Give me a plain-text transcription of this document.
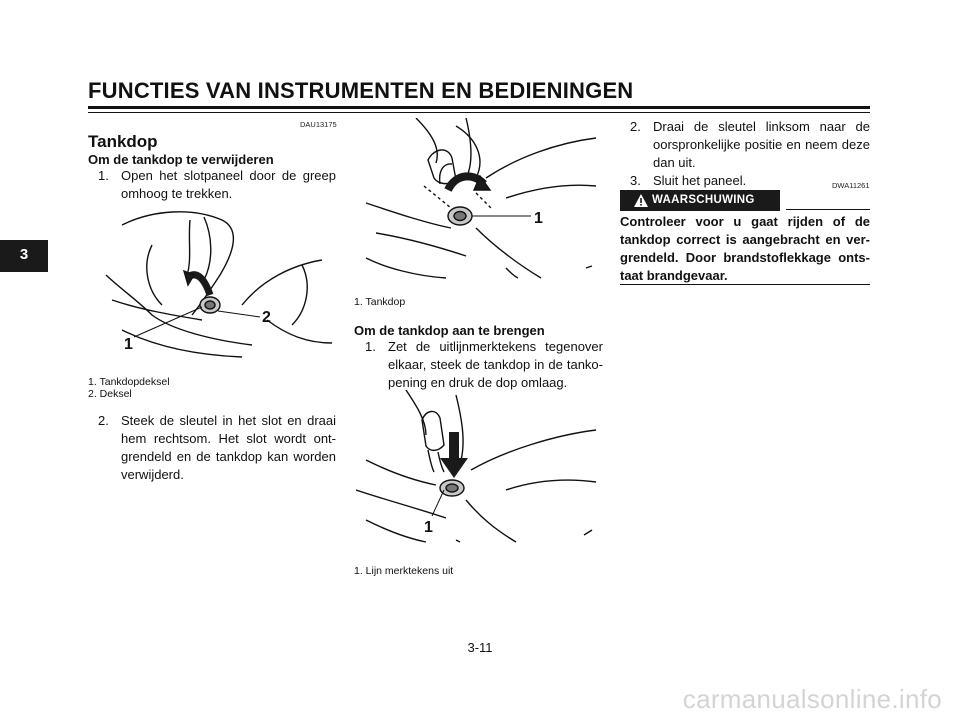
FUNCTIES VAN INSTRUMENTEN EN BEDIENINGEN
3
DAU13175
Tankdop
Om de tankdop te verwijderen
1. Open het slotpaneel door de greep omhoog te trekken.
2
1
1. Tankdopdeksel
2. Deksel
2. Steek de sleutel in het slot en draai hem rechtsom. Het slot wordt ont-grendeld en de tankdop kan worden verwijderd.
1
1. Tankdop
Om de tankdop aan te brengen
1. Zet de uitlijnmerktekens tegenover elkaar, steek de tankdop in de tanko-pening en druk de dop omlaag.
1
1. Lijn merktekens uit
2. Draai de sleutel linksom naar de oorspronkelijke positie en neem deze dan uit.
3. Sluit het paneel.	DWA11261
WAARSCHUWING
Controleer voor u gaat rijden of de tankdop correct is aangebracht en ver-grendeld. Door brandstoflekkage onts-taat brandgevaar.
3-11
carmanualsonline.info
